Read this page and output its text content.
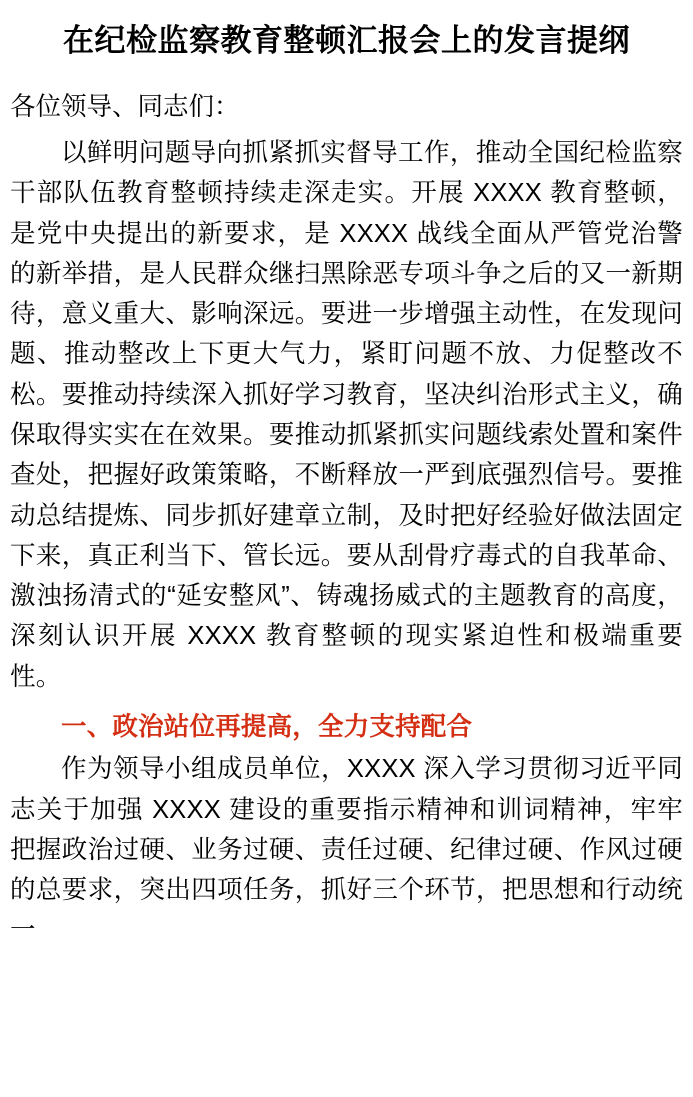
在纪检监察教育整顿汇报会上的发言提纲

各位领导、同志们：

以鲜明问题导向抓紧抓实督导工作，推动全国纪检监察干部队伍教育整顿持续走深走实。开展 XXXX 教育整顿，是党中央提出的新要求，是 XXXX 战线全面从严管党治警的新举措，是人民群众继扫黑除恶专项斗争之后的又一新期待，意义重大、影响深远。要进一步增强主动性，在发现问题、推动整改上下更大气力，紧盯问题不放、力促整改不松。要推动持续深入抓好学习教育，坚决纠治形式主义，确保取得实实在在效果。要推动抓紧抓实问题线索处置和案件查处，把握好政策策略，不断释放一严到底强烈信号。要推动总结提炼、同步抓好建章立制，及时把好经验好做法固定下来，真正利当下、管长远。要从刮骨疗毒式的自我革命、激浊扬清式的“延安整风”、铸魂扬威式的主题教育的高度，深刻认识开展 XXXX 教育整顿的现实紧迫性和极端重要性。

一、政治站位再提高，全力支持配合

作为领导小组成员单位，XXXX 深入学习贯彻习近平同志关于加强 XXXX 建设的重要指示精神和训词精神，牢牢把握政治过硬、业务过硬、责任过硬、纪律过硬、作风过硬的总要求，突出四项任务，抓好三个环节，把思想和行动统一
